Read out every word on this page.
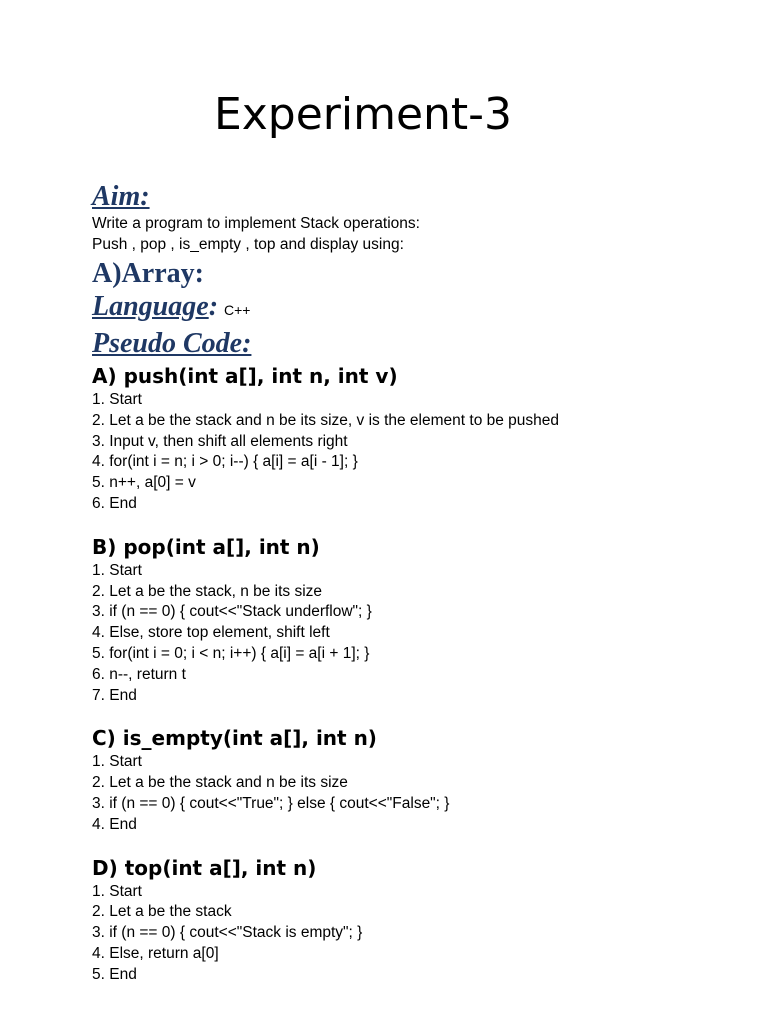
Experiment-3
Aim:
Write a program to implement Stack operations:
Push , pop , is_empty , top and display using:
A)Array:
Language: C++
Pseudo Code:
A) push(int a[], int n, int v)
1. Start
2. Let a be the stack and n be its size, v is the element to be pushed
3. Input v, then shift all elements right
4. for(int i = n; i > 0; i--) { a[i] = a[i - 1]; }
5. n++, a[0] = v
6. End
B) pop(int a[], int n)
1. Start
2. Let a be the stack, n be its size
3. if (n == 0) { cout<<"Stack underflow"; }
4. Else, store top element, shift left
5. for(int i = 0; i < n; i++) { a[i] = a[i + 1]; }
6. n--, return t
7. End
C) is_empty(int a[], int n)
1. Start
2. Let a be the stack and n be its size
3. if (n == 0) { cout<<"True"; } else { cout<<"False"; }
4. End
D) top(int a[], int n)
1. Start
2. Let a be the stack
3. if (n == 0) { cout<<"Stack is empty"; }
4. Else, return a[0]
5. End
